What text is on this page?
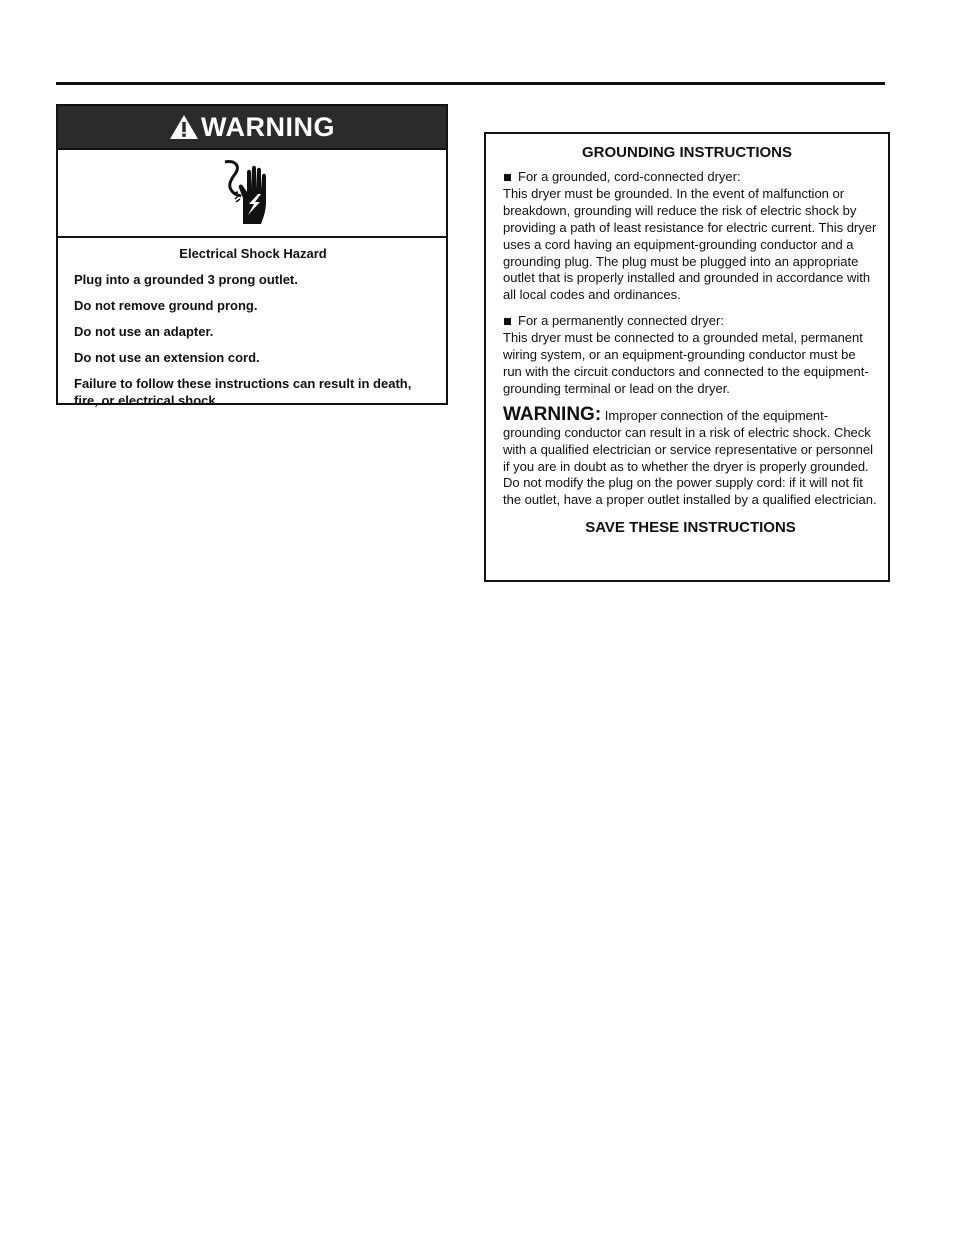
WARNING

Electrical Shock Hazard

Plug into a grounded 3 prong outlet.

Do not remove ground prong.

Do not use an adapter.

Do not use an extension cord.

Failure to follow these instructions can result in death, fire, or electrical shock.

GROUNDING INSTRUCTIONS
For a grounded, cord-connected dryer:

This dryer must be grounded. In the event of malfunction or breakdown, grounding will reduce the risk of electric shock by providing a path of least resistance for electric current. This dryer uses a cord having an equipment-grounding conductor and a grounding plug. The plug must be plugged into an appropriate outlet that is properly installed and grounded in accordance with all local codes and ordinances.

For a permanently connected dryer:

This dryer must be connected to a grounded metal, permanent wiring system, or an equipment-grounding conductor must be run with the circuit conductors and connected to the equipment-grounding terminal or lead on the dryer.

WARNING: Improper connection of the equipment-grounding conductor can result in a risk of electric shock. Check with a qualified electrician or service representative or personnel if you are in doubt as to whether the dryer is properly grounded. Do not modify the plug on the power supply cord: if it will not fit the outlet, have a proper outlet installed by a qualified electrician.

SAVE THESE INSTRUCTIONS
